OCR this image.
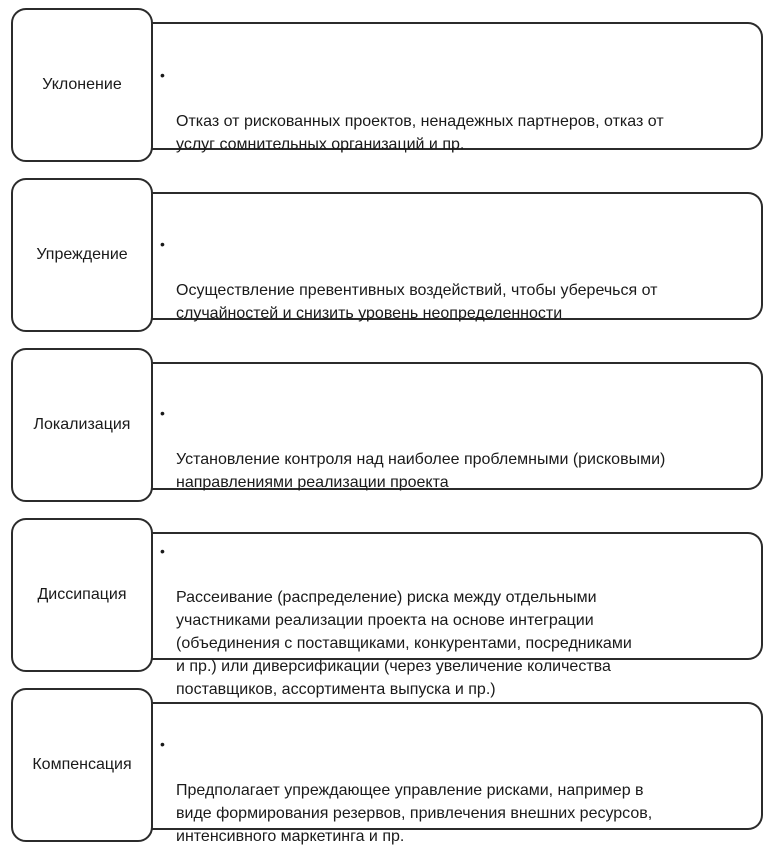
Уклонение

•

Отказ от рискованных проектов, ненадежных партнеров, отказ от
услуг сомнительных организаций и пр.

Упреждение

•

Осуществление превентивных воздействий, чтобы уберечься от
случайностей и снизить уровень неопределенности

Локализация

•

Установление контроля над наиболее проблемными (рисковыми)
направлениями реализации проекта

Диссипация

•

Рассеивание (распределение) риска между отдельными
участниками реализации проекта на основе интеграции
(объединения с поставщиками, конкурентами, посредниками
и пр.) или диверсификации (через увеличение количества
поставщиков, ассортимента выпуска и пр.)

Компенсация

•

Предполагает упреждающее управление рисками, например в
виде формирования резервов, привлечения внешних ресурсов,
интенсивного маркетинга и пр.
